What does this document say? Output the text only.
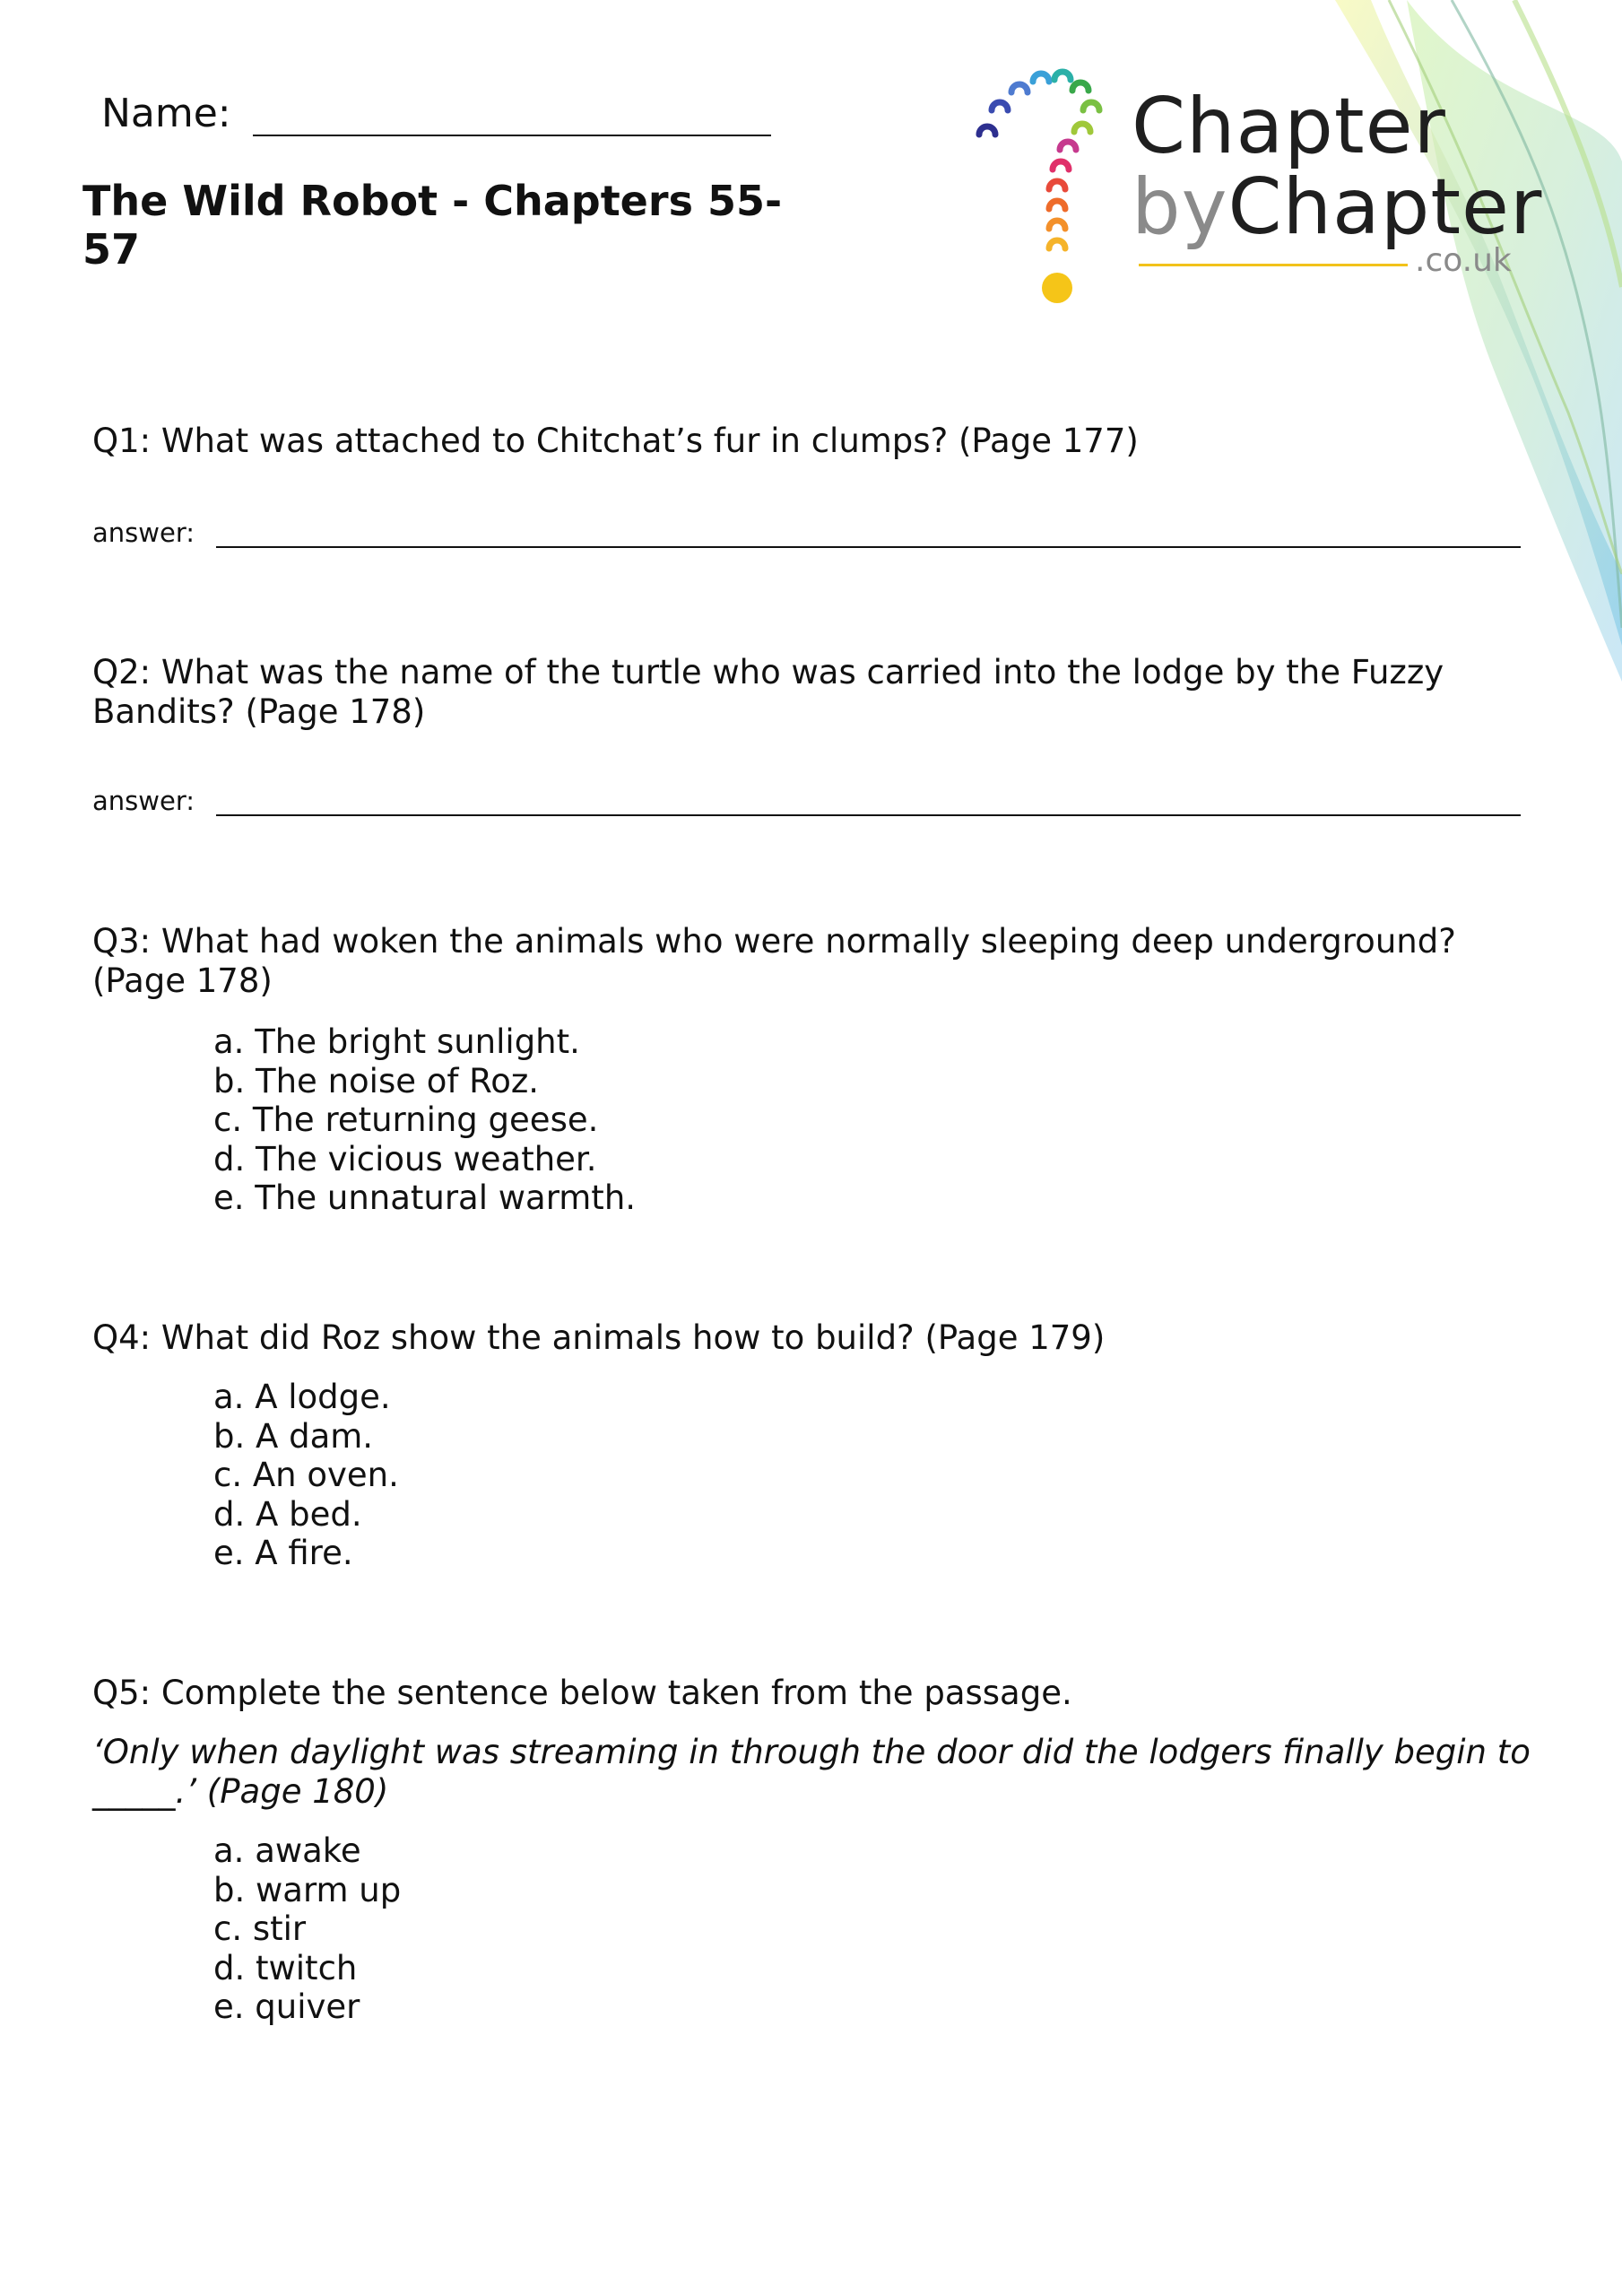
Name:
The Wild Robot - Chapters 55-57
Chapter
byChapter
.co.uk
Q1: What was attached to Chitchat’s fur in clumps? (Page 177)
answer:
Q2: What was the name of the turtle who was carried into the lodge by the Fuzzy Bandits? (Page 178)
answer:
Q3: What had woken the animals who were normally sleeping deep underground? (Page 178)
a. The bright sunlight.
b. The noise of Roz.
c. The returning geese.
d. The vicious weather.
e. The unnatural warmth.
Q4: What did Roz show the animals how to build? (Page 179)
a. A lodge.
b. A dam.
c. An oven.
d. A bed.
e. A fire.
Q5: Complete the sentence below taken from the passage.
‘Only when daylight was streaming in through the door did the lodgers finally begin to _____.’ (Page 180)
a. awake
b. warm up
c. stir
d. twitch
e. quiver
